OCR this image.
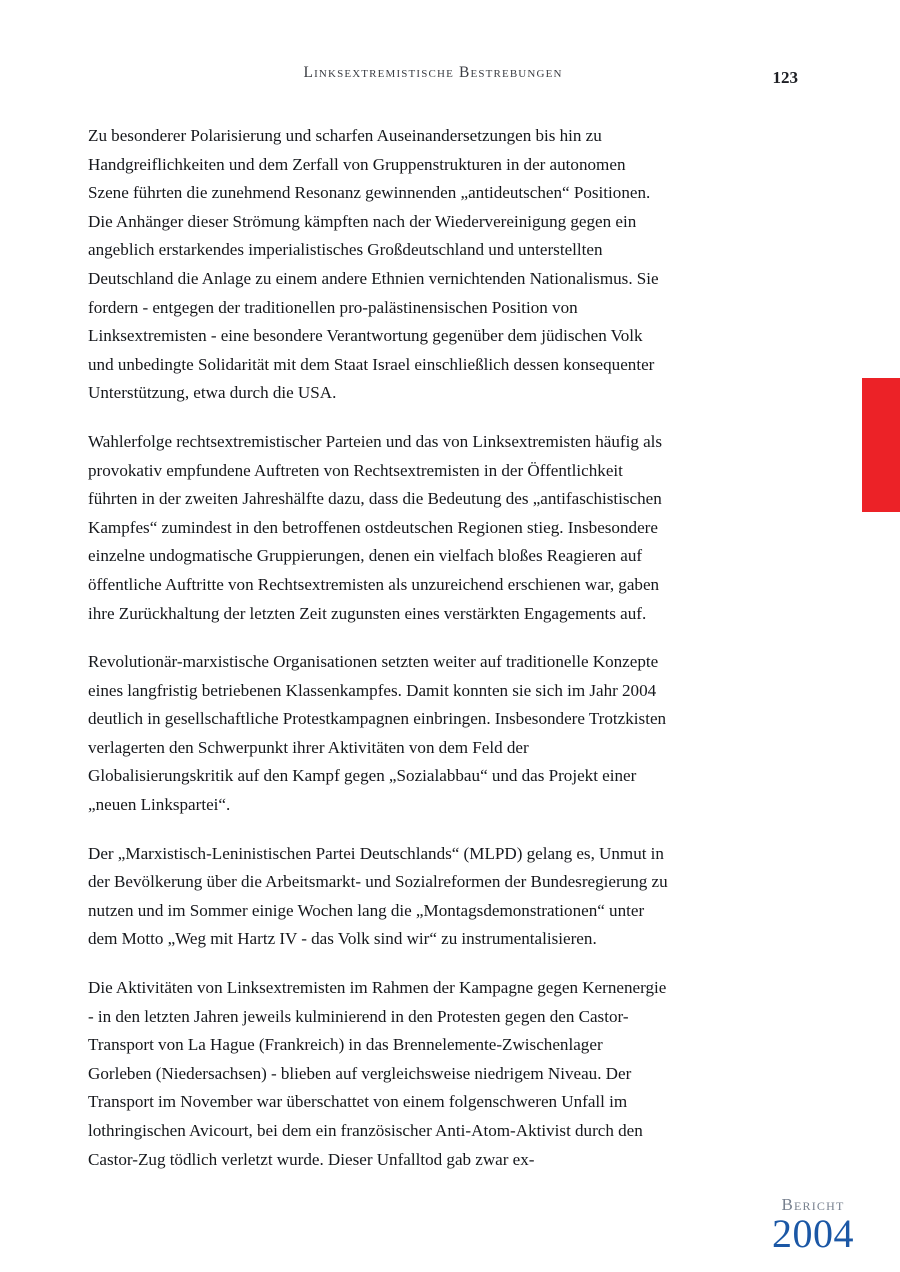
Linksextremistische Bestrebungen	123

Zu besonderer Polarisierung und scharfen Auseinandersetzungen bis hin zu Handgreiflichkeiten und dem Zerfall von Gruppenstrukturen in der autonomen Szene führten die zunehmend Resonanz gewinnenden „antideutschen“ Positionen. Die Anhänger dieser Strömung kämpften nach der Wiedervereinigung gegen ein angeblich erstarkendes imperialistisches Großdeutschland und unterstellten Deutschland die Anlage zu einem andere Ethnien vernichtenden Nationalismus. Sie fordern - entgegen der traditionellen pro-palästinensischen Position von Linksextremisten - eine besondere Verantwortung gegenüber dem jüdischen Volk und unbedingte Solidarität mit dem Staat Israel einschließlich dessen konsequenter Unterstützung, etwa durch die USA.

Wahlerfolge rechtsextremistischer Parteien und das von Linksextremisten häufig als provokativ empfundene Auftreten von Rechtsextremisten in der Öffentlichkeit führten in der zweiten Jahreshälfte dazu, dass die Bedeutung des „antifaschistischen Kampfes“ zumindest in den betroffenen ostdeutschen Regionen stieg. Insbesondere einzelne undogmatische Gruppierungen, denen ein vielfach bloßes Reagieren auf öffentliche Auftritte von Rechtsextremisten als unzureichend erschienen war, gaben ihre Zurückhaltung der letzten Zeit zugunsten eines verstärkten Engagements auf.

Revolutionär-marxistische Organisationen setzten weiter auf traditionelle Konzepte eines langfristig betriebenen Klassenkampfes. Damit konnten sie sich im Jahr 2004 deutlich in gesellschaftliche Protestkampagnen einbringen. Insbesondere Trotzkisten verlagerten den Schwerpunkt ihrer Aktivitäten von dem Feld der Globalisierungskritik auf den Kampf gegen „Sozialabbau“ und das Projekt einer „neuen Linkspartei“.

Der „Marxistisch-Leninistischen Partei Deutschlands“ (MLPD) gelang es, Unmut in der Bevölkerung über die Arbeitsmarkt- und Sozialreformen der Bundesregierung zu nutzen und im Sommer einige Wochen lang die „Montagsdemonstrationen“ unter dem Motto „Weg mit Hartz IV - das Volk sind wir“ zu instrumentalisieren.

Die Aktivitäten von Linksextremisten im Rahmen der Kampagne gegen Kernenergie - in den letzten Jahren jeweils kulminierend in den Protesten gegen den Castor-Transport von La Hague (Frankreich) in das Brennelemente-Zwischenlager Gorleben (Niedersachsen) - blieben auf vergleichsweise niedrigem Niveau. Der Transport im November war überschattet von einem folgenschweren Unfall im lothringischen Avicourt, bei dem ein französischer Anti-Atom-Aktivist durch den Castor-Zug tödlich verletzt wurde. Dieser Unfalltod gab zwar ex-

Bericht
2004
